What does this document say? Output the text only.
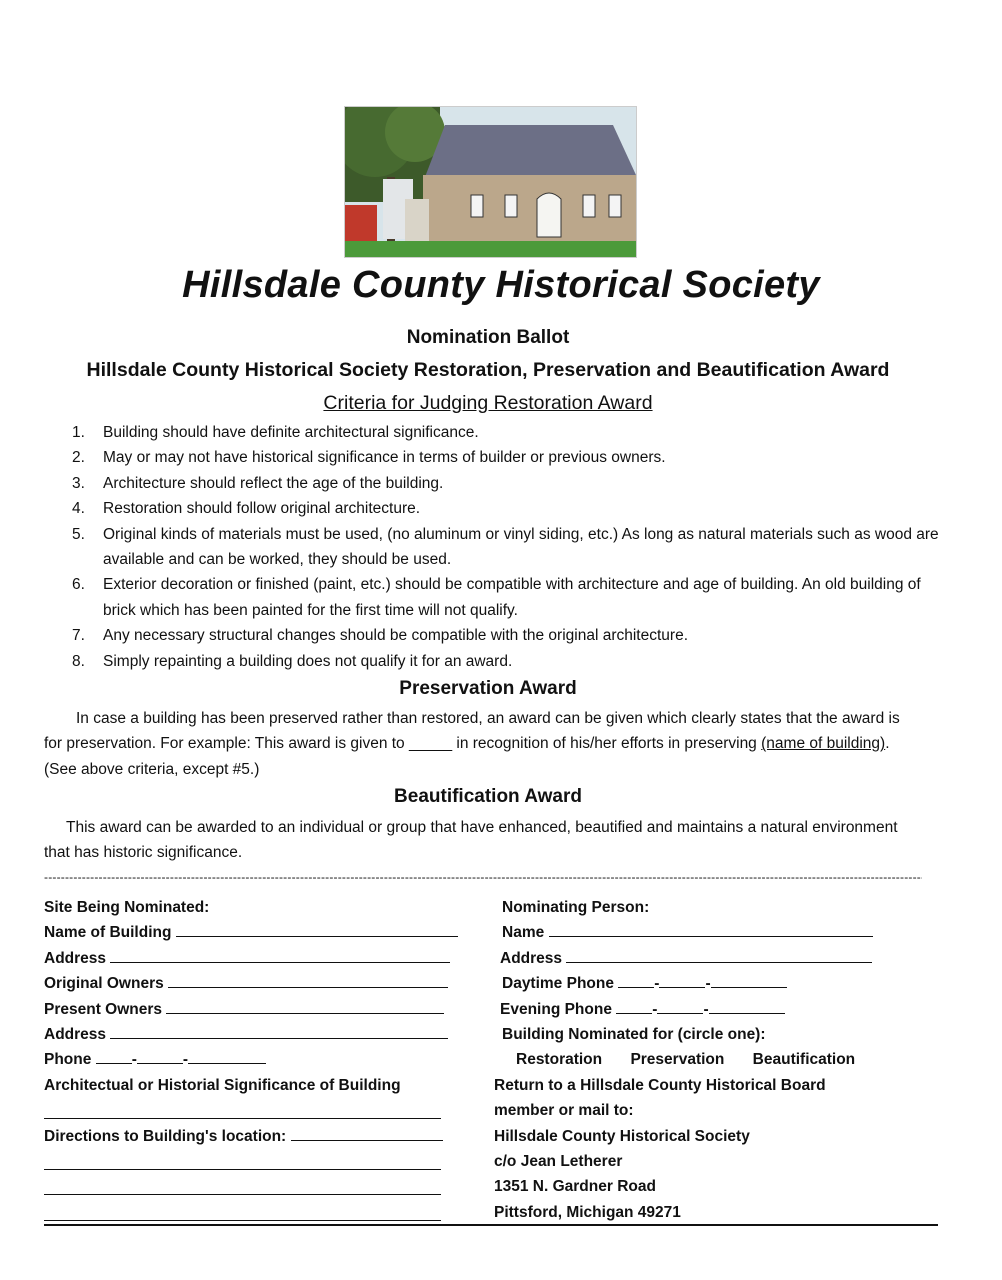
Hillsdale County Historical Society
Nomination Ballot
Hillsdale County Historical Society Restoration, Preservation and Beautification Award
Criteria for Judging Restoration Award
1. Building should have definite architectural significance.
2. May or may not have historical significance in terms of builder or previous owners.
3. Architecture should reflect the age of the building.
4. Restoration should follow original architecture.
5. Original kinds of materials must be used, (no aluminum or vinyl siding, etc.) As long as natural materials such as wood are available and can be worked, they should be used.
6. Exterior decoration or finished (paint, etc.) should be compatible with architecture and age of building. An old building of brick which has been painted for the first time will not qualify.
7. Any necessary structural changes should be compatible with the original architecture.
8. Simply repainting a building does not qualify it for an award.
Preservation Award
In case a building has been preserved rather than restored, an award can be given which clearly states that the award is for preservation. For example: This award is given to _____ in recognition of his/her efforts in preserving (name of building). (See above criteria, except #5.)
Beautification Award
This award can be awarded to an individual or group that have enhanced, beautified and maintains a natural environment that has historic significance.
-----
Site Being Nominated:
Name of Building
Address
Original Owners
Present Owners
Address
Phone	-	-
Architectual or Historial Significance of Building
Directions to Building's location:
Nominating Person:
Name
Address
Daytime Phone	-	-
Evening Phone	-	-
Building Nominated for (circle one):
Restoration Preservation Beautification
Return to a Hillsdale County Historical Board
member or mail to:
Hillsdale County Historical Society
c/o Jean Letherer
1351 N. Gardner Road
Pittsford, Michigan 49271
